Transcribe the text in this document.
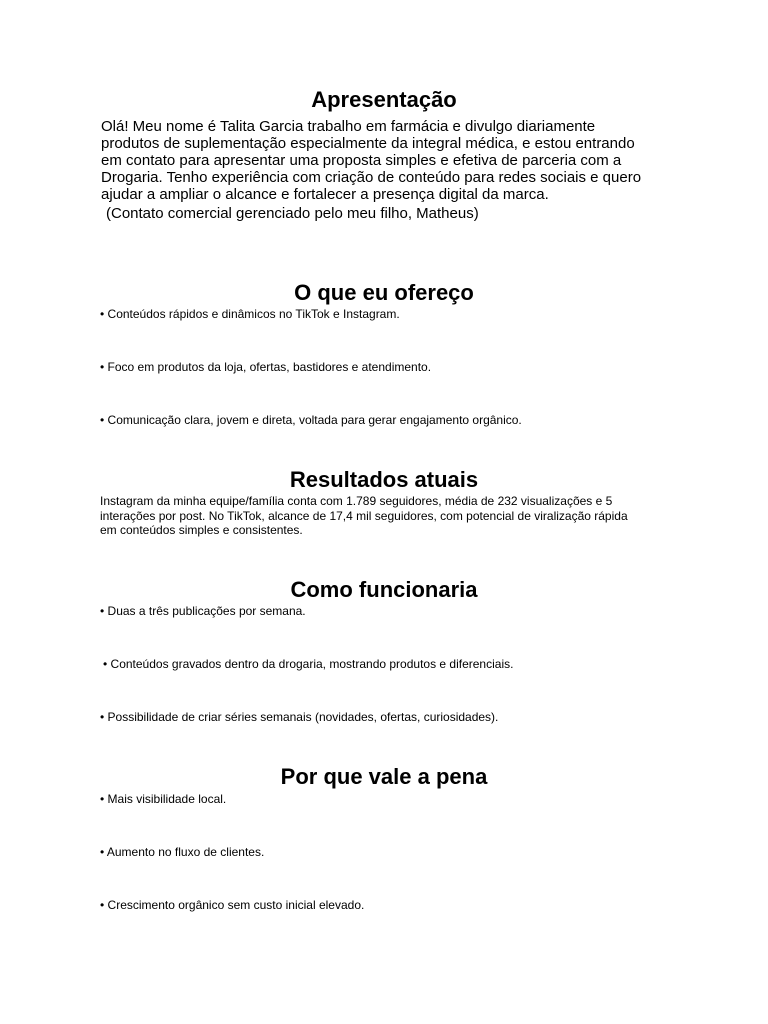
Apresentação
Olá! Meu nome é Talita Garcia trabalho em farmácia e divulgo diariamente
produtos de suplementação especialmente da integral médica, e estou entrando
em contato para apresentar uma proposta simples e efetiva de parceria com a
Drogaria. Tenho experiência com criação de conteúdo para redes sociais e quero
ajudar a ampliar o alcance e fortalecer a presença digital da marca.
(Contato comercial gerenciado pelo meu filho, Matheus)
O que eu ofereço
• Conteúdos rápidos e dinâmicos no TikTok e Instagram.
• Foco em produtos da loja, ofertas, bastidores e atendimento.
• Comunicação clara, jovem e direta, voltada para gerar engajamento orgânico.
Resultados atuais
Instagram da minha equipe/família conta com 1.789 seguidores, média de 232 visualizações e 5
interações por post. No TikTok, alcance de 17,4 mil seguidores, com potencial de viralização rápida
em conteúdos simples e consistentes.
Como funcionaria
• Duas a três publicações por semana.
• Conteúdos gravados dentro da drogaria, mostrando produtos e diferenciais.
• Possibilidade de criar séries semanais (novidades, ofertas, curiosidades).
Por que vale a pena
• Mais visibilidade local.
• Aumento no fluxo de clientes.
• Crescimento orgânico sem custo inicial elevado.
